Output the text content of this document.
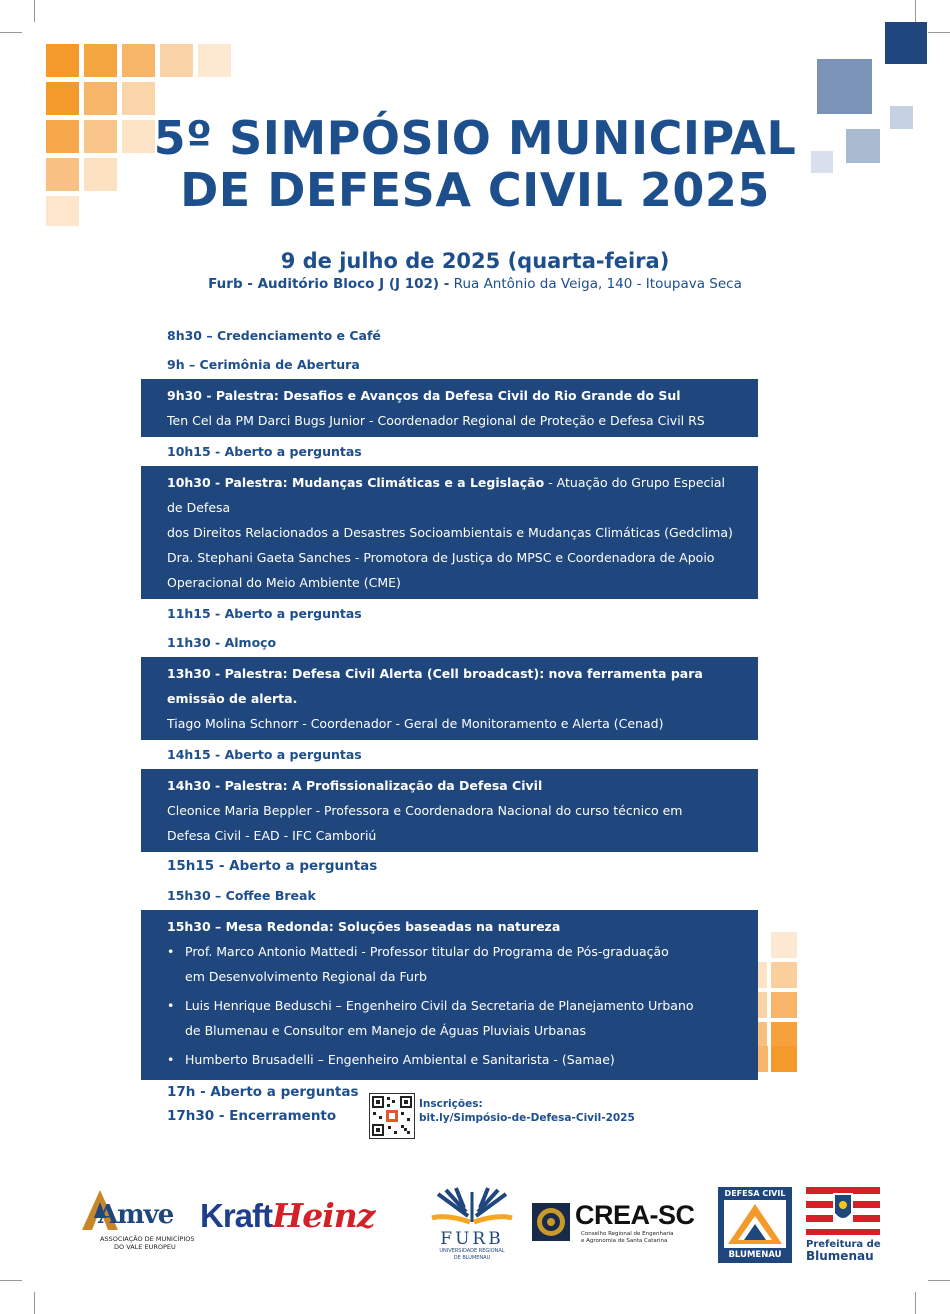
5º SIMPÓSIO MUNICIPAL
DE DEFESA CIVIL 2025
9 de julho de 2025 (quarta-feira)
Furb - Auditório Bloco J (J 102) - Rua Antônio da Veiga, 140 - Itoupava Seca
8h30 – Credenciamento e Café
9h – Cerimônia de Abertura
9h30 - Palestra: Desafios e Avanços da Defesa Civil do Rio Grande do Sul
Ten Cel da PM Darci Bugs Junior - Coordenador Regional de Proteção e Defesa Civil RS
10h15 - Aberto a perguntas
10h30 - Palestra: Mudanças Climáticas e a Legislação - Atuação do Grupo Especial de Defesa
dos Direitos Relacionados a Desastres Socioambientais e Mudanças Climáticas (Gedclima)
Dra. Stephani Gaeta Sanches - Promotora de Justiça do MPSC e Coordenadora de Apoio
Operacional do Meio Ambiente (CME)
11h15 - Aberto a perguntas
11h30 - Almoço
13h30 - Palestra: Defesa Civil Alerta (Cell broadcast): nova ferramenta para emissão de alerta.
Tiago Molina Schnorr - Coordenador - Geral de Monitoramento e Alerta (Cenad)
14h15 - Aberto a perguntas
14h30 - Palestra: A Profissionalização da Defesa Civil
Cleonice Maria Beppler - Professora e Coordenadora Nacional do curso técnico em
Defesa Civil - EAD - IFC Camboriú
15h15 - Aberto a perguntas
15h30 – Coffee Break
15h30 – Mesa Redonda: Soluções baseadas na natureza
• Prof. Marco Antonio Mattedi - Professor titular do Programa de Pós-graduação
em Desenvolvimento Regional da Furb
• Luis Henrique Beduschi – Engenheiro Civil da Secretaria de Planejamento Urbano
de Blumenau e Consultor em Manejo de Águas Pluviais Urbanas
• Humberto Brusadelli – Engenheiro Ambiental e Sanitarista - (Samae)
17h - Aberto a perguntas
17h30 - Encerramento
Inscrições:
bit.ly/Simpósio-de-Defesa-Civil-2025
Amve
ASSOCIAÇÃO DE MUNICÍPIOS
DO VALE EUROPEU
KraftHeinz
FURB
UNIVERSIDADE REGIONAL
DE BLUMENAU
CREA-SC
Conselho Regional de Engenharia
e Agronomia de Santa Catarina
DEFESA CIVIL
BLUMENAU
Prefeitura de
Blumenau
